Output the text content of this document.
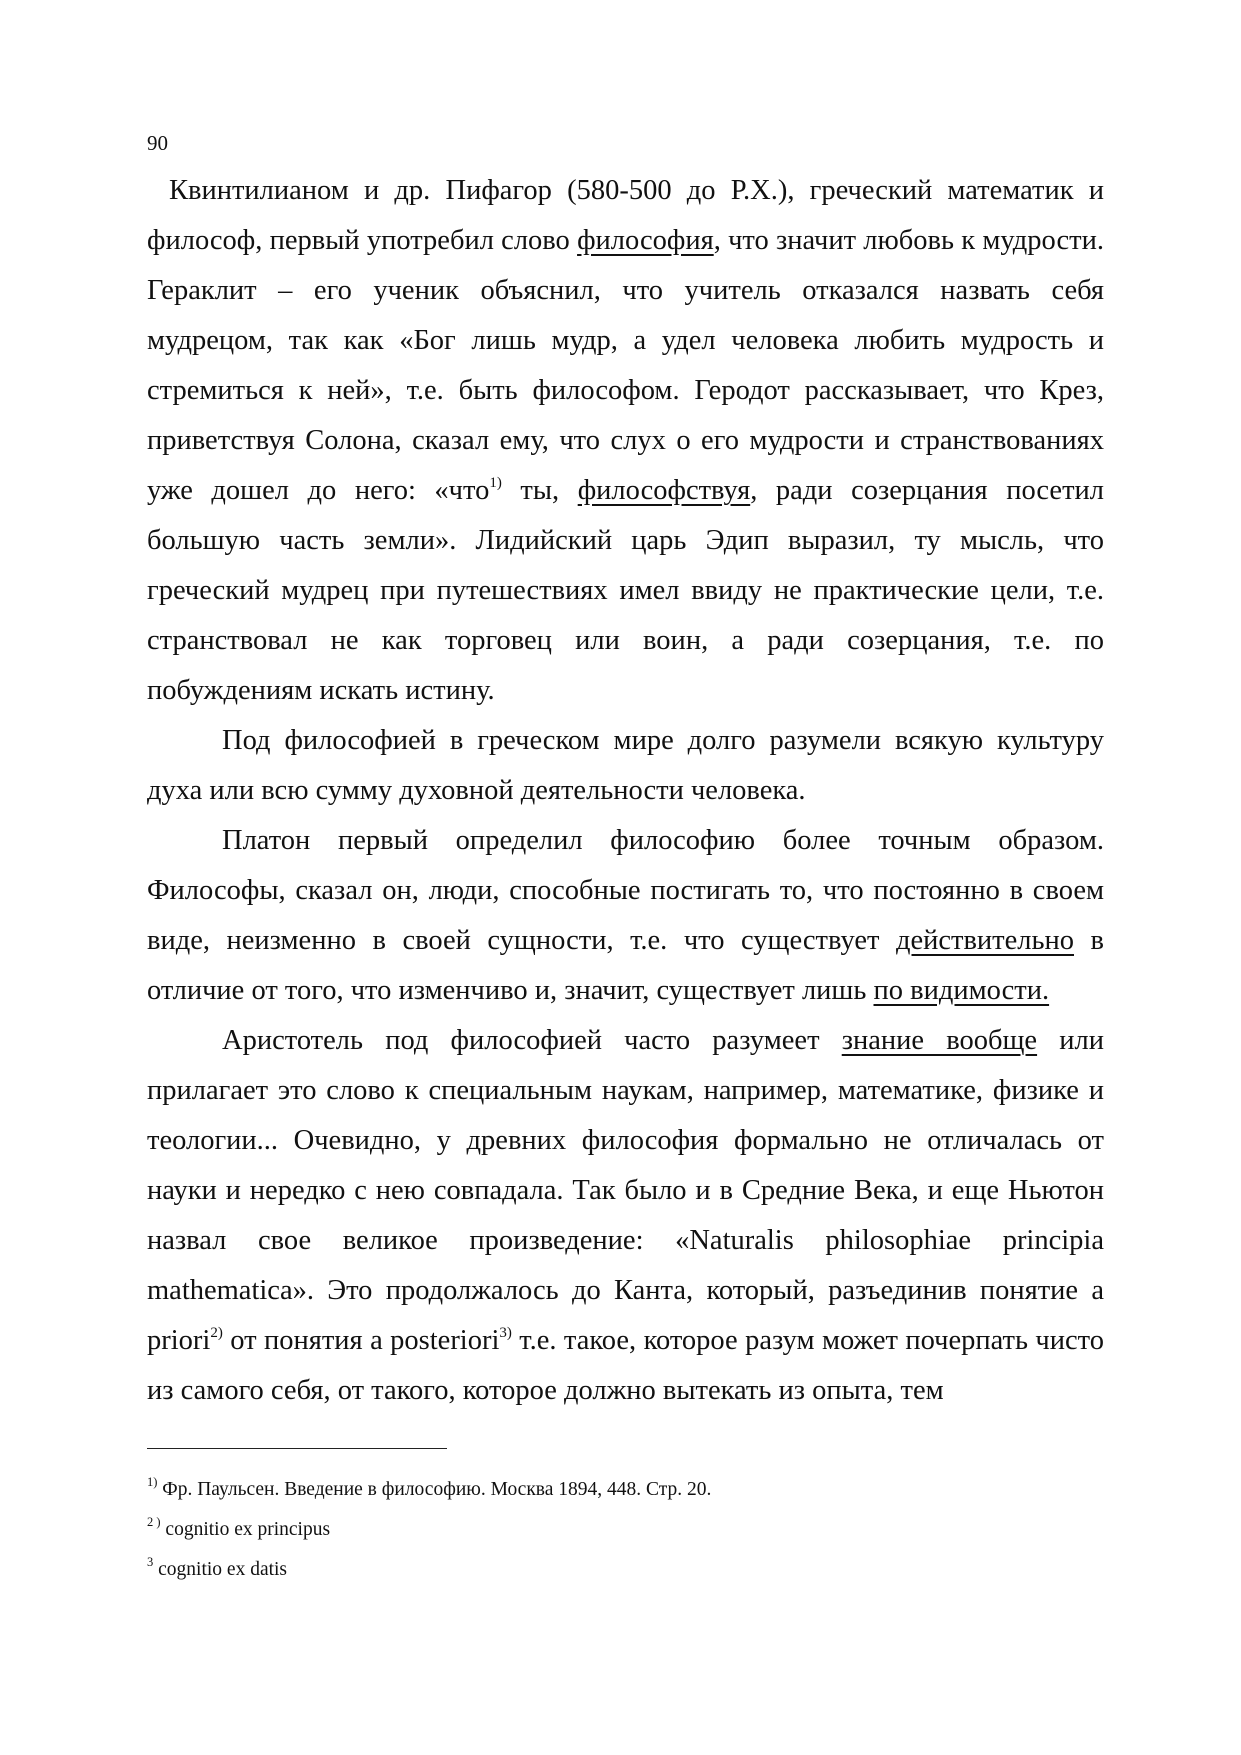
90

Квинтилианом и др. Пифагор (580-500 до Р.Х.), греческий математик и философ, первый употребил слово философия, что значит любовь к мудрости. Гераклит – его ученик объяснил, что учитель отказался назвать себя мудрецом, так как «Бог лишь мудр, а удел человека любить мудрость и стремиться к ней», т.е. быть философом. Геродот рассказывает, что Крез, приветствуя Солона, сказал ему, что слух о его мудрости и странствованиях уже дошел до него: «что$^{1)}$ ты, философствуя, ради созерцания посетил большую часть земли». Лидийский царь Эдип выразил, ту мысль, что греческий мудрец при путешествиях имел ввиду не практические цели, т.е. странствовал не как торговец или воин, а ради созерцания, т.е. по побуждениям искать истину.

Под философией в греческом мире долго разумели всякую культуру духа или всю сумму духовной деятельности человека.

Платон первый определил философию более точным образом. Философы, сказал он, люди, способные постигать то, что постоянно в своем виде, неизменно в своей сущности, т.е. что существует действительно в отличие от того, что изменчиво и, значит, существует лишь по видимости.

Аристотель под философией часто разумеет знание вообще или прилагает это слово к специальным наукам, например, математике, физике и теологии... Очевидно, у древних философия формально не отличалась от науки и нередко с нею совпадала. Так было и в Средние Века, и еще Ньютон назвал свое великое произведение: «Naturalis philosophiae principia mathematica». Это продолжалось до Канта, который, разъединив понятие a priori$^{2)}$ от понятия a posteriori$^{3)}$ т.е. такое, которое разум может почерпать чисто из самого себя, от такого, которое должно вытекать из опыта, тем

$^{1)}$ Фр. Паульсен. Введение в философию. Москва 1894, 448. Стр. 20.

$^{2 )}$ cognitio ex principus

$^3$ cognitio ex datis
